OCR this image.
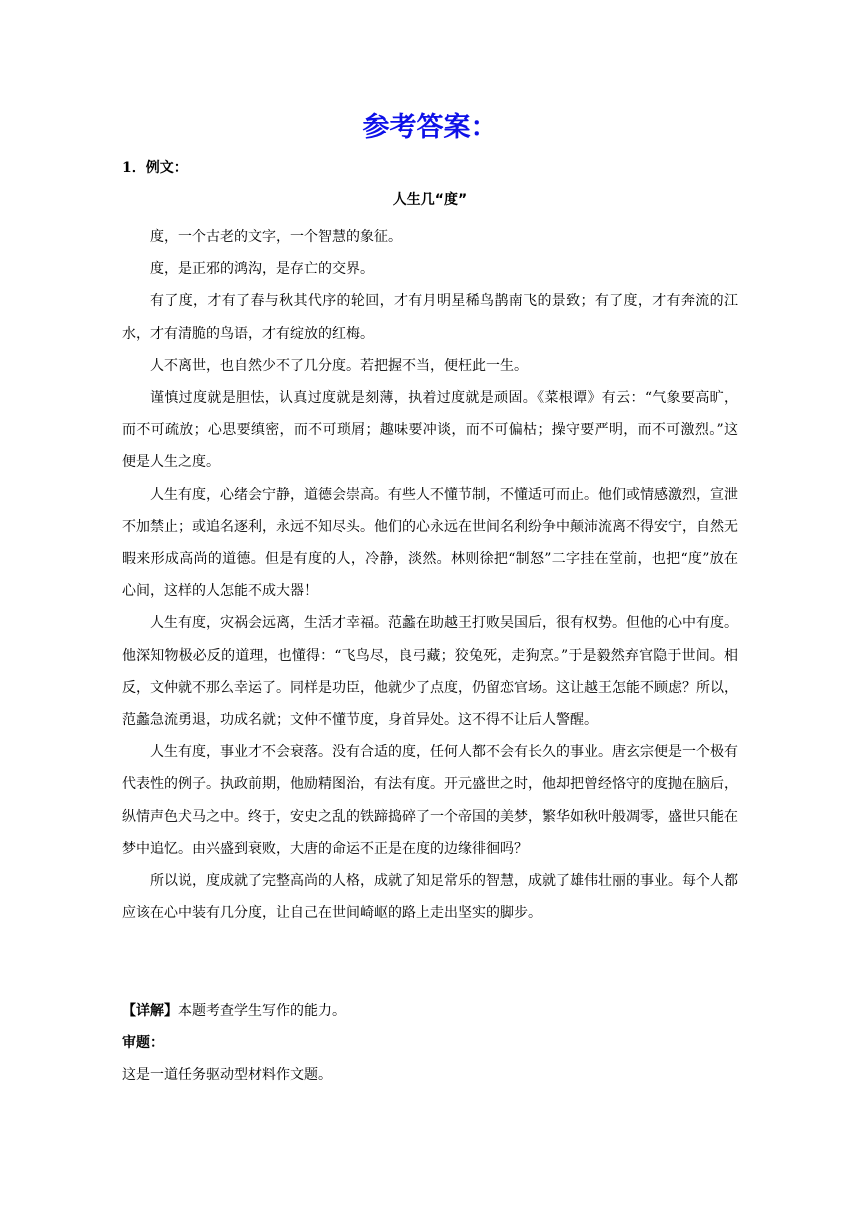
参考答案：
1．例文：
人生几“度”

度，一个古老的文字，一个智慧的象征。

度，是正邪的鸿沟，是存亡的交界。

有了度，才有了春与秋其代序的轮回，才有月明星稀鸟鹊南飞的景致；有了度，才有奔流的江水，才有清脆的鸟语，才有绽放的红梅。

人不离世，也自然少不了几分度。若把握不当，便枉此一生。

谨慎过度就是胆怯，认真过度就是刻薄，执着过度就是顽固。《菜根谭》有云：“气象要高旷，而不可疏放；心思要缜密，而不可琐屑；趣味要冲谈，而不可偏枯；操守要严明，而不可激烈。”这便是人生之度。

人生有度，心绪会宁静，道德会崇高。有些人不懂节制，不懂适可而止。他们或情感激烈，宣泄不加禁止；或追名逐利，永远不知尽头。他们的心永远在世间名利纷争中颠沛流离不得安宁，自然无暇来形成高尚的道德。但是有度的人，冷静，淡然。林则徐把“制怒”二字挂在堂前，也把“度”放在心间，这样的人怎能不成大器！

人生有度，灾祸会远离，生活才幸福。范蠡在助越王打败吴国后，很有权势。但他的心中有度。他深知物极必反的道理，也懂得：“飞鸟尽，良弓藏；狡兔死，走狗烹。”于是毅然弃官隐于世间。相反，文仲就不那么幸运了。同样是功臣，他就少了点度，仍留恋官场。这让越王怎能不顾虑？所以，范蠡急流勇退，功成名就；文仲不懂节度，身首异处。这不得不让后人警醒。

人生有度，事业才不会衰落。没有合适的度，任何人都不会有长久的事业。唐玄宗便是一个极有代表性的例子。执政前期，他励精图治，有法有度。开元盛世之时，他却把曾经恪守的度抛在脑后，纵情声色犬马之中。终于，安史之乱的铁蹄捣碎了一个帝国的美梦，繁华如秋叶般凋零，盛世只能在梦中追忆。由兴盛到衰败，大唐的命运不正是在度的边缘徘徊吗？

所以说，度成就了完整高尚的人格，成就了知足常乐的智慧，成就了雄伟壮丽的事业。每个人都应该在心中装有几分度，让自己在世间崎岖的路上走出坚实的脚步。

【详解】本题考查学生写作的能力。

审题：

这是一道任务驱动型材料作文题。
